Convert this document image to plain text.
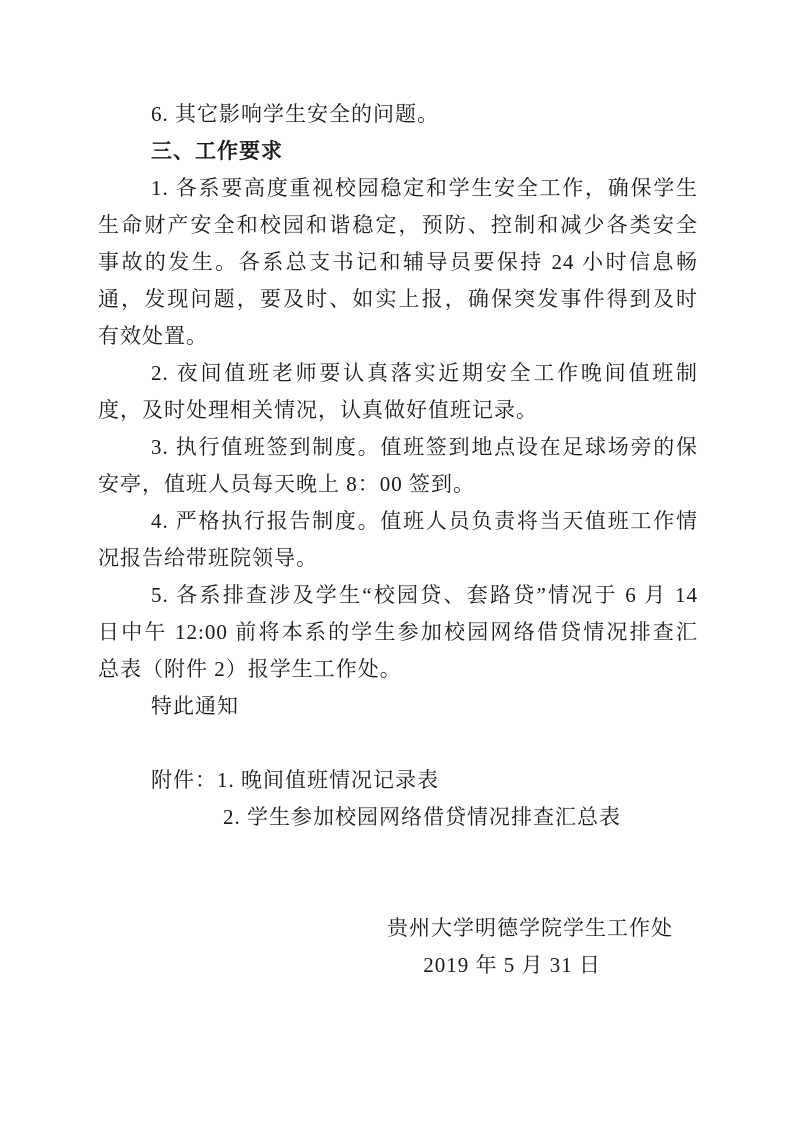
6. 其它影响学生安全的问题。
三、工作要求
1. 各系要高度重视校园稳定和学生安全工作，确保学生
生命财产安全和校园和谐稳定，预防、控制和减少各类安全
事故的发生。各系总支书记和辅导员要保持 24 小时信息畅
通，发现问题，要及时、如实上报，确保突发事件得到及时
有效处置。
2. 夜间值班老师要认真落实近期安全工作晚间值班制
度，及时处理相关情况，认真做好值班记录。
3. 执行值班签到制度。值班签到地点设在足球场旁的保
安亭，值班人员每天晚上 8：00 签到。
4. 严格执行报告制度。值班人员负责将当天值班工作情
况报告给带班院领导。
5. 各系排查涉及学生“校园贷、套路贷”情况于 6 月 14
日中午 12:00 前将本系的学生参加校园网络借贷情况排查汇
总表（附件 2）报学生工作处。
特此通知
附件：1. 晚间值班情况记录表
2. 学生参加校园网络借贷情况排查汇总表
贵州大学明德学院学生工作处
2019 年 5 月 31 日
